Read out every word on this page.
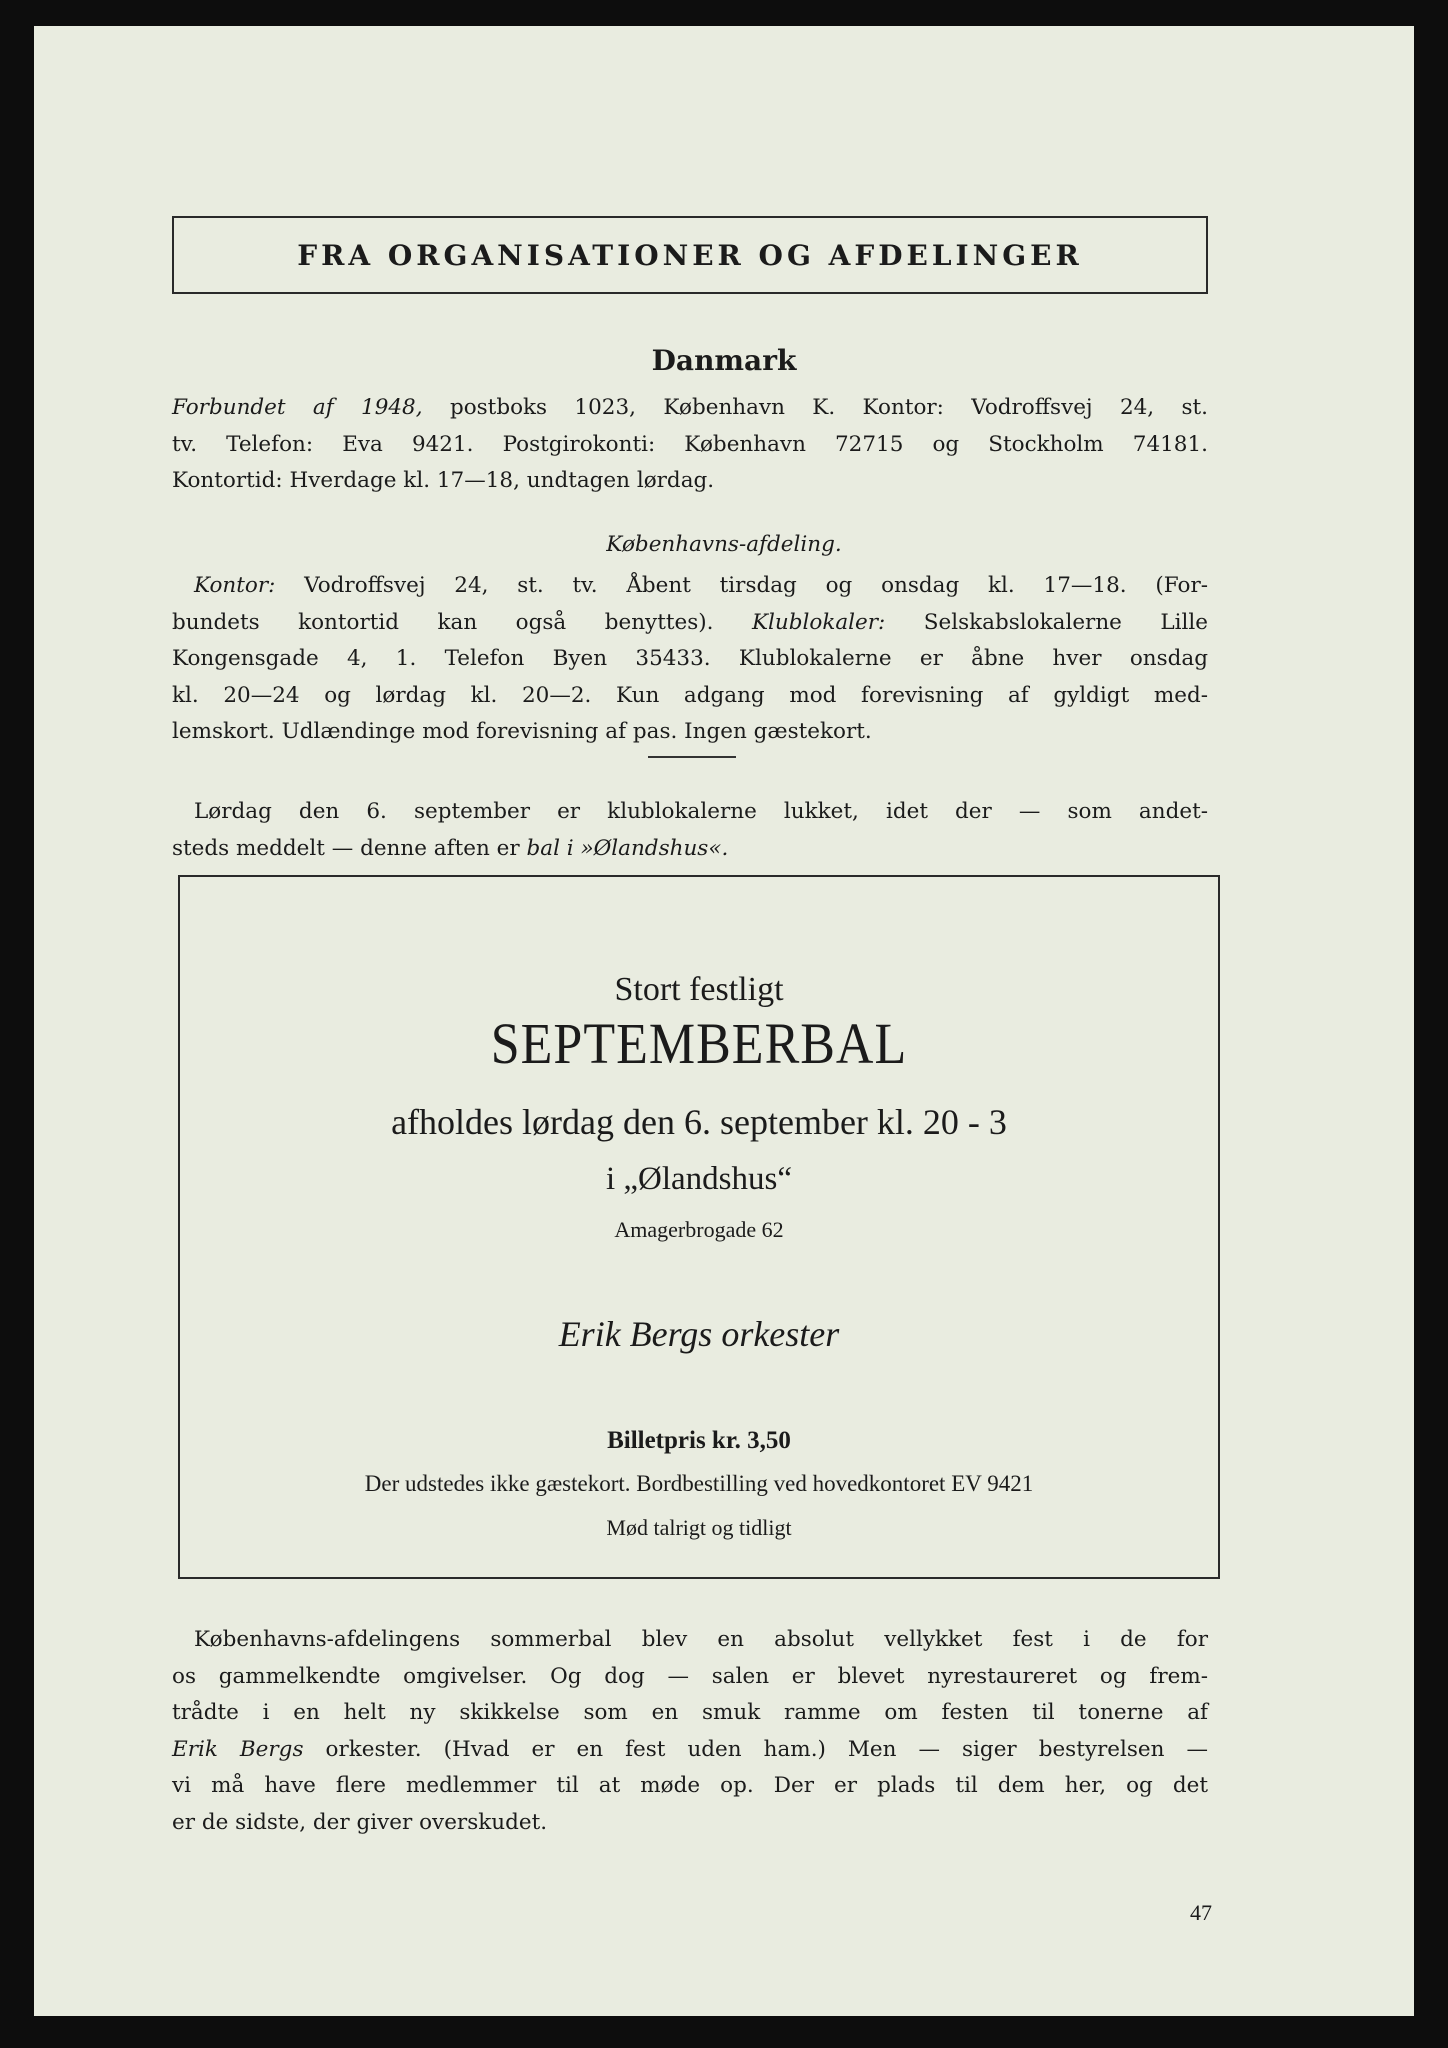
FRA ORGANISATIONER OG AFDELINGER
Danmark
Forbundet af 1948, postboks 1023, København K. Kontor: Vodroffsvej 24, st.
tv. Telefon: Eva 9421. Postgirokonti: København 72715 og Stockholm 74181.
Kontortid: Hverdage kl. 17—18, undtagen lørdag.
Københavns-afdeling.
Kontor: Vodroffsvej 24, st. tv. Åbent tirsdag og onsdag kl. 17—18. (For-
bundets kontortid kan også benyttes). Klublokaler: Selskabslokalerne Lille
Kongensgade 4, 1. Telefon Byen 35433. Klublokalerne er åbne hver onsdag
kl. 20—24 og lørdag kl. 20—2. Kun adgang mod forevisning af gyldigt med-
lemskort. Udlændinge mod forevisning af pas. Ingen gæstekort.
Lørdag den 6. september er klublokalerne lukket, idet der — som andet-
steds meddelt — denne aften er bal i »Ølandshus«.
Stort festligt
SEPTEMBERBAL
afholdes lørdag den 6. september kl. 20 - 3
i „Ølandshus“
Amagerbrogade 62
Erik Bergs orkester
Billetpris kr. 3,50
Der udstedes ikke gæstekort. Bordbestilling ved hovedkontoret EV 9421
Mød talrigt og tidligt
Københavns-afdelingens sommerbal blev en absolut vellykket fest i de for
os gammelkendte omgivelser. Og dog — salen er blevet nyrestaureret og frem-
trådte i en helt ny skikkelse som en smuk ramme om festen til tonerne af
Erik Bergs orkester. (Hvad er en fest uden ham.) Men — siger bestyrelsen —
vi må have flere medlemmer til at møde op. Der er plads til dem her, og det
er de sidste, der giver overskudet.
47
